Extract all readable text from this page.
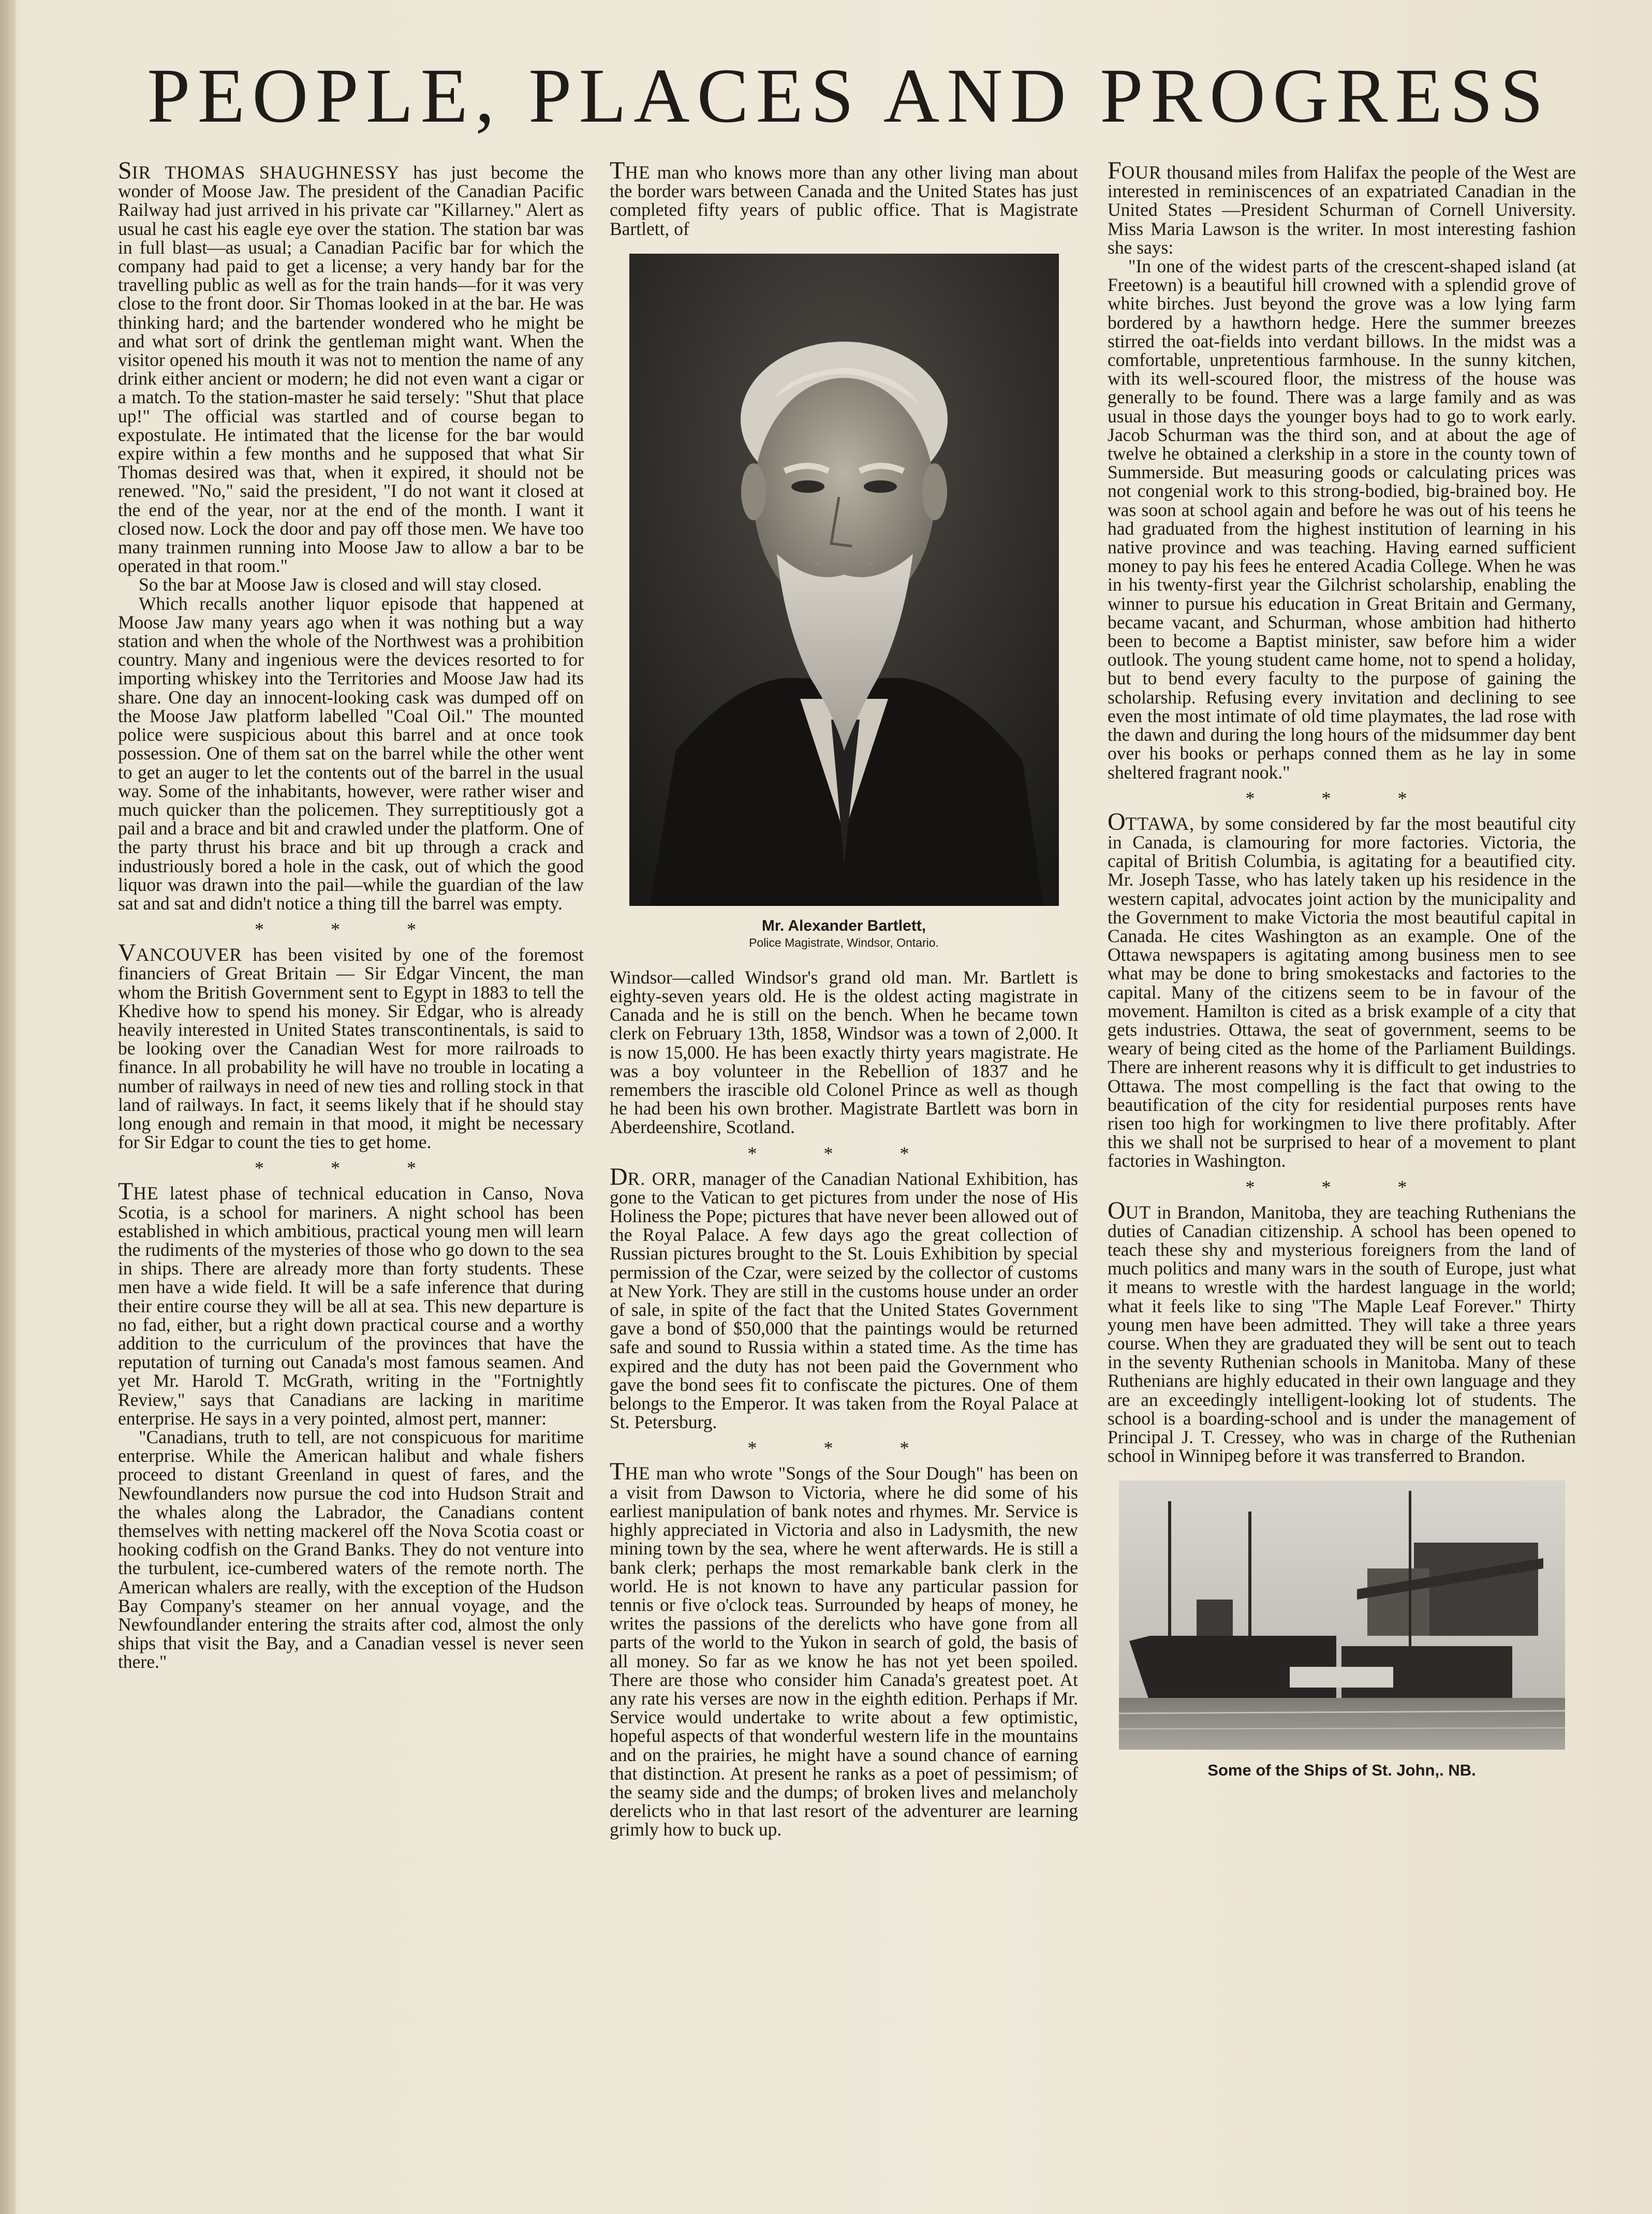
PEOPLE, PLACES AND PROGRESS

SIR THOMAS SHAUGHNESSY has just become the wonder of Moose Jaw. The president of the Canadian Pacific Railway had just arrived in his private car "Killarney." Alert as usual he cast his eagle eye over the station. The station bar was in full blast—as usual; a Canadian Pacific bar for which the company had paid to get a license; a very handy bar for the travelling public as well as for the train hands—for it was very close to the front door. Sir Thomas looked in at the bar. He was thinking hard; and the bartender wondered who he might be and what sort of drink the gentleman might want. When the visitor opened his mouth it was not to mention the name of any drink either ancient or modern; he did not even want a cigar or a match. To the station-master he said tersely: "Shut that place up!" The official was startled and of course began to expostulate. He intimated that the license for the bar would expire within a few months and he supposed that what Sir Thomas desired was that, when it expired, it should not be renewed. "No," said the president, "I do not want it closed at the end of the year, nor at the end of the month. I want it closed now. Lock the door and pay off those men. We have too many trainmen running into Moose Jaw to allow a bar to be operated in that room."

So the bar at Moose Jaw is closed and will stay closed.

Which recalls another liquor episode that happened at Moose Jaw many years ago when it was nothing but a way station and when the whole of the Northwest was a prohibition country. Many and ingenious were the devices resorted to for importing whiskey into the Territories and Moose Jaw had its share. One day an innocent-looking cask was dumped off on the Moose Jaw platform labelled "Coal Oil." The mounted police were suspicious about this barrel and at once took possession. One of them sat on the barrel while the other went to get an auger to let the contents out of the barrel in the usual way. Some of the inhabitants, however, were rather wiser and much quicker than the policemen. They surreptitiously got a pail and a brace and bit and crawled under the platform. One of the party thrust his brace and bit up through a crack and industriously bored a hole in the cask, out of which the good liquor was drawn into the pail—while the guardian of the law sat and sat and didn't notice a thing till the barrel was empty.

* * *

VANCOUVER has been visited by one of the foremost financiers of Great Britain — Sir Edgar Vincent, the man whom the British Government sent to Egypt in 1883 to tell the Khedive how to spend his money. Sir Edgar, who is already heavily interested in United States transcontinentals, is said to be looking over the Canadian West for more railroads to finance. In all probability he will have no trouble in locating a number of railways in need of new ties and rolling stock in that land of railways. In fact, it seems likely that if he should stay long enough and remain in that mood, it might be necessary for Sir Edgar to count the ties to get home.

* * *

THE latest phase of technical education in Canso, Nova Scotia, is a school for mariners. A night school has been established in which ambitious, practical young men will learn the rudiments of the mysteries of those who go down to the sea in ships. There are already more than forty students. These men have a wide field. It will be a safe inference that during their entire course they will be all at sea. This new departure is no fad, either, but a right down practical course and a worthy addition to the curriculum of the provinces that have the reputation of turning out Canada's most famous seamen. And yet Mr. Harold T. McGrath, writing in the "Fortnightly Review," says that Canadians are lacking in maritime enterprise. He says in a very pointed, almost pert, manner:

"Canadians, truth to tell, are not conspicuous for maritime enterprise. While the American halibut and whale fishers proceed to distant Greenland in quest of fares, and the Newfoundlanders now pursue the cod into Hudson Strait and the whales along the Labrador, the Canadians content themselves with netting mackerel off the Nova Scotia coast or hooking codfish on the Grand Banks. They do not venture into the turbulent, ice-cumbered waters of the remote north. The American whalers are really, with the exception of the Hudson Bay Company's steamer on her annual voyage, and the Newfoundlander entering the straits after cod, almost the only ships that visit the Bay, and a Canadian vessel is never seen there."

THE man who knows more than any other living man about the border wars between Canada and the United States has just completed fifty years of public office. That is Magistrate Bartlett, of

Mr. Alexander Bartlett,
Police Magistrate, Windsor, Ontario.

Windsor—called Windsor's grand old man. Mr. Bartlett is eighty-seven years old. He is the oldest acting magistrate in Canada and he is still on the bench. When he became town clerk on February 13th, 1858, Windsor was a town of 2,000. It is now 15,000. He has been exactly thirty years magistrate. He was a boy volunteer in the Rebellion of 1837 and he remembers the irascible old Colonel Prince as well as though he had been his own brother. Magistrate Bartlett was born in Aberdeenshire, Scotland.

* * *

DR. ORR, manager of the Canadian National Exhibition, has gone to the Vatican to get pictures from under the nose of His Holiness the Pope; pictures that have never been allowed out of the Royal Palace. A few days ago the great collection of Russian pictures brought to the St. Louis Exhibition by special permission of the Czar, were seized by the collector of customs at New York. They are still in the customs house under an order of sale, in spite of the fact that the United States Government gave a bond of $50,000 that the paintings would be returned safe and sound to Russia within a stated time. As the time has expired and the duty has not been paid the Government who gave the bond sees fit to confiscate the pictures. One of them belongs to the Emperor. It was taken from the Royal Palace at St. Petersburg.

* * *

THE man who wrote "Songs of the Sour Dough" has been on a visit from Dawson to Victoria, where he did some of his earliest manipulation of bank notes and rhymes. Mr. Service is highly appreciated in Victoria and also in Ladysmith, the new mining town by the sea, where he went afterwards. He is still a bank clerk; perhaps the most remarkable bank clerk in the world. He is not known to have any particular passion for tennis or five o'clock teas. Surrounded by heaps of money, he writes the passions of the derelicts who have gone from all parts of the world to the Yukon in search of gold, the basis of all money. So far as we know he has not yet been spoiled. There are those who consider him Canada's greatest poet. At any rate his verses are now in the eighth edition. Perhaps if Mr. Service would undertake to write about a few optimistic, hopeful aspects of that wonderful western life in the mountains and on the prairies, he might have a sound chance of earning that distinction. At present he ranks as a poet of pessimism; of the seamy side and the dumps; of broken lives and melancholy derelicts who in that last resort of the adventurer are learning grimly how to buck up.

FOUR thousand miles from Halifax the people of the West are interested in reminiscences of an expatriated Canadian in the United States —President Schurman of Cornell University. Miss Maria Lawson is the writer. In most interesting fashion she says:

"In one of the widest parts of the crescent-shaped island (at Freetown) is a beautiful hill crowned with a splendid grove of white birches. Just beyond the grove was a low lying farm bordered by a hawthorn hedge. Here the summer breezes stirred the oat-fields into verdant billows. In the midst was a comfortable, unpretentious farmhouse. In the sunny kitchen, with its well-scoured floor, the mistress of the house was generally to be found. There was a large family and as was usual in those days the younger boys had to go to work early. Jacob Schurman was the third son, and at about the age of twelve he obtained a clerkship in a store in the county town of Summerside. But measuring goods or calculating prices was not congenial work to this strong-bodied, big-brained boy. He was soon at school again and before he was out of his teens he had graduated from the highest institution of learning in his native province and was teaching. Having earned sufficient money to pay his fees he entered Acadia College. When he was in his twenty-first year the Gilchrist scholarship, enabling the winner to pursue his education in Great Britain and Germany, became vacant, and Schurman, whose ambition had hitherto been to become a Baptist minister, saw before him a wider outlook. The young student came home, not to spend a holiday, but to bend every faculty to the purpose of gaining the scholarship. Refusing every invitation and declining to see even the most intimate of old time playmates, the lad rose with the dawn and during the long hours of the midsummer day bent over his books or perhaps conned them as he lay in some sheltered fragrant nook."

* * *

OTTAWA, by some considered by far the most beautiful city in Canada, is clamouring for more factories. Victoria, the capital of British Columbia, is agitating for a beautified city. Mr. Joseph Tasse, who has lately taken up his residence in the western capital, advocates joint action by the municipality and the Government to make Victoria the most beautiful capital in Canada. He cites Washington as an example. One of the Ottawa newspapers is agitating among business men to see what may be done to bring smokestacks and factories to the capital. Many of the citizens seem to be in favour of the movement. Hamilton is cited as a brisk example of a city that gets industries. Ottawa, the seat of government, seems to be weary of being cited as the home of the Parliament Buildings. There are inherent reasons why it is difficult to get industries to Ottawa. The most compelling is the fact that owing to the beautification of the city for residential purposes rents have risen too high for workingmen to live there profitably. After this we shall not be surprised to hear of a movement to plant factories in Washington.

* * *

OUT in Brandon, Manitoba, they are teaching Ruthenians the duties of Canadian citizenship. A school has been opened to teach these shy and mysterious foreigners from the land of much politics and many wars in the south of Europe, just what it means to wrestle with the hardest language in the world; what it feels like to sing "The Maple Leaf Forever." Thirty young men have been admitted. They will take a three years course. When they are graduated they will be sent out to teach in the seventy Ruthenian schools in Manitoba. Many of these Ruthenians are highly educated in their own language and they are an exceedingly intelligent-looking lot of students. The school is a boarding-school and is under the management of Principal J. T. Cressey, who was in charge of the Ruthenian school in Winnipeg before it was transferred to Brandon.

Some of the Ships of St. John,. NB.
